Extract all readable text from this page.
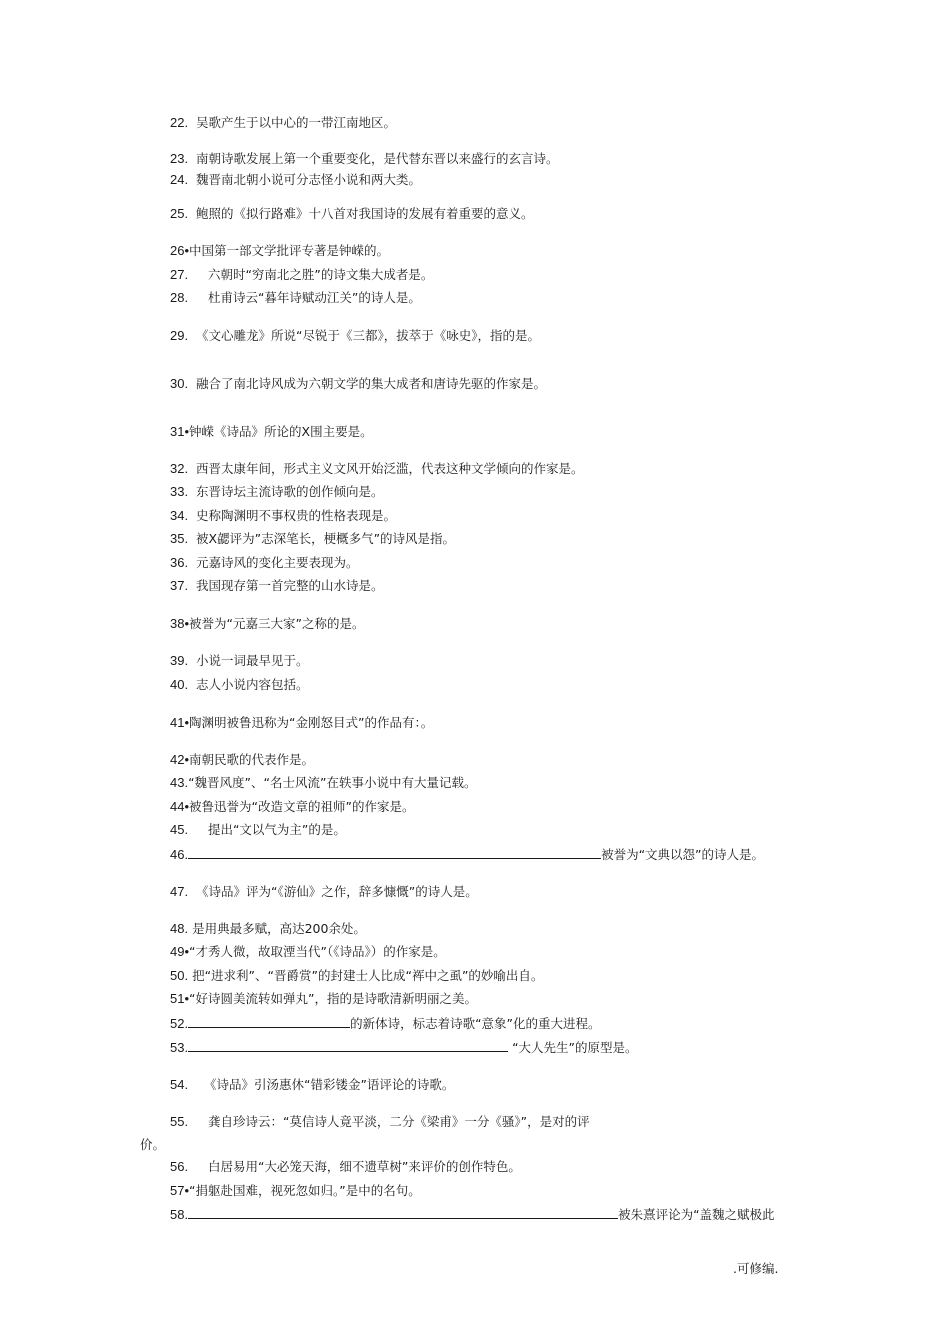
22. 吴歌产生于以中心的一带江南地区。
23. 南朝诗歌发展上第一个重要变化，是代替东晋以来盛行的玄言诗。
24. 魏晋南北朝小说可分志怪小说和两大类。
25. 鲍照的《拟行路难》十八首对我国诗的发展有着重要的意义。
26•中国第一部文学批评专著是钟嵘的。
27. 六朝时“穷南北之胜”的诗文集大成者是。
28. 杜甫诗云“暮年诗赋动江关”的诗人是。
29. 《文心雕龙》所说“尽锐于《三都》，拔萃于《咏史》，指的是。
30. 融合了南北诗风成为六朝文学的集大成者和唐诗先驱的作家是。
31•钟嵘《诗品》所论的X围主要是。
32. 西晋太康年间，形式主义文风开始泛滥，代表这种文学倾向的作家是。
33. 东晋诗坛主流诗歌的创作倾向是。
34. 史称陶渊明不事权贵的性格表现是。
35. 被X勰评为”志深笔长，梗概多气”的诗风是指。
36. 元嘉诗风的变化主要表现为。
37. 我国现存第一首完整的山水诗是。
38•被誉为“元嘉三大家”之称的是。
39. 小说一词最早见于。
40. 志人小说内容包括。
41•陶渊明被鲁迅称为“金刚怒目式”的作品有：。
42•南朝民歌的代表作是。
43.“魏晋风度”、“名士风流”在轶事小说中有大量记载。
44•被鲁迅誉为“改造文章的祖师”的作家是。
45. 提出“文以气为主”的是。
46.	被誉为“文典以怨”的诗人是。
47. 《诗品》评为“《游仙》之作，辞多慷慨”的诗人是。
48. 是用典最多赋，高达200余处。
49•“才秀人微，故取湮当代”（《诗品》）的作家是。
50. 把“进求利”、“晋爵赏”的封建士人比成“裈中之虱”的妙喻出自。
51•“好诗圆美流转如弹丸”，指的是诗歌清新明丽之美。
52.	的新体诗，标志着诗歌“意象”化的重大进程。
53.	“大人先生”的原型是。
54. 《诗品》引汤惠休“错彩镂金”语评论的诗歌。
55. 龚自珍诗云：“莫信诗人竟平淡，二分《梁甫》一分《骚》”，是对的评
价。
56. 白居易用“大必笼天海，细不遗草树”来评价的创作特色。
57•“捐躯赴国难，视死忽如归。”是中的名句。
58.	被朱熹评论为“盖魏之赋极此
.可修编.
